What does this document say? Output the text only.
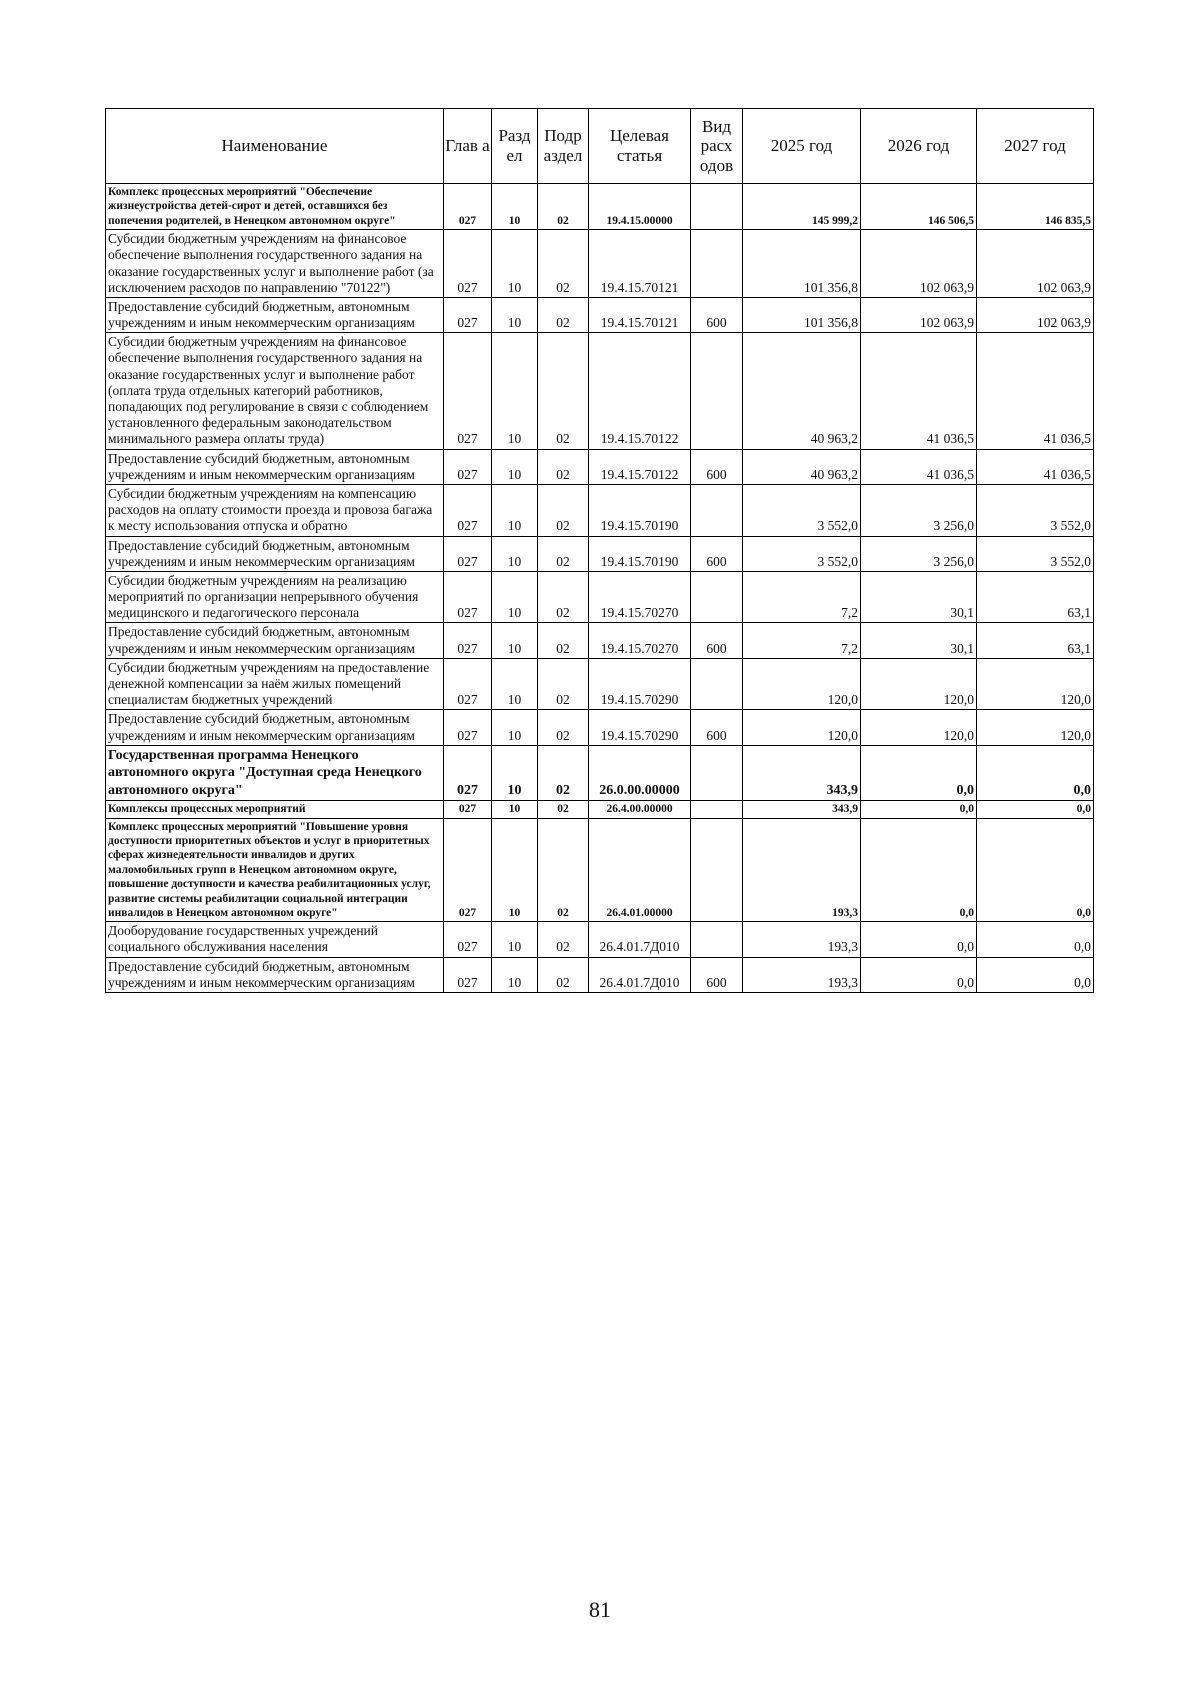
Наименование	Глав а	Разд ел	Подр аздел	Целевая статья	Вид расх одов	2025 год	2026 год	2027 год
Комплекс процессных мероприятий "Обеспечение жизнеустройства детей-сирот и детей, оставшихся без попечения родителей, в Ненецком автономном округе"	027	10	02	19.4.15.00000		145 999,2	146 506,5	146 835,5
Субсидии бюджетным учреждениям на финансовое обеспечение выполнения государственного задания на оказание государственных услуг и выполнение работ (за исключением расходов по направлению "70122")	027	10	02	19.4.15.70121		101 356,8	102 063,9	102 063,9
Предоставление субсидий бюджетным, автономным учреждениям и иным некоммерческим организациям	027	10	02	19.4.15.70121	600	101 356,8	102 063,9	102 063,9
Субсидии бюджетным учреждениям на финансовое обеспечение выполнения государственного задания на оказание государственных услуг и выполнение работ (оплата труда отдельных категорий работников, попадающих под регулирование в связи с соблюдением установленного федеральным законодательством минимального размера оплаты труда)	027	10	02	19.4.15.70122		40 963,2	41 036,5	41 036,5
Предоставление субсидий бюджетным, автономным учреждениям и иным некоммерческим организациям	027	10	02	19.4.15.70122	600	40 963,2	41 036,5	41 036,5
Субсидии бюджетным учреждениям на компенсацию расходов на оплату стоимости проезда и провоза багажа к месту использования отпуска и обратно	027	10	02	19.4.15.70190		3 552,0	3 256,0	3 552,0
Предоставление субсидий бюджетным, автономным учреждениям и иным некоммерческим организациям	027	10	02	19.4.15.70190	600	3 552,0	3 256,0	3 552,0
Субсидии бюджетным учреждениям на реализацию мероприятий по организации непрерывного обучения медицинского и педагогического персонала	027	10	02	19.4.15.70270		7,2	30,1	63,1
Предоставление субсидий бюджетным, автономным учреждениям и иным некоммерческим организациям	027	10	02	19.4.15.70270	600	7,2	30,1	63,1
Субсидии бюджетным учреждениям на предоставление денежной компенсации за наём жилых помещений специалистам бюджетных учреждений	027	10	02	19.4.15.70290		120,0	120,0	120,0
Предоставление субсидий бюджетным, автономным учреждениям и иным некоммерческим организациям	027	10	02	19.4.15.70290	600	120,0	120,0	120,0
Государственная программа Ненецкого автономного округа "Доступная среда Ненецкого автономного округа"	027	10	02	26.0.00.00000		343,9	0,0	0,0
Комплексы процессных мероприятий	027	10	02	26.4.00.00000		343,9	0,0	0,0
Комплекс процессных мероприятий "Повышение уровня доступности приоритетных объектов и услуг в приоритетных сферах жизнедеятельности инвалидов и других маломобильных групп в Ненецком автономном округе, повышение доступности и качества реабилитационных услуг, развитие системы реабилитации социальной интеграции инвалидов в Ненецком автономном округе"	027	10	02	26.4.01.00000		193,3	0,0	0,0
Дооборудование государственных учреждений социального обслуживания населения	027	10	02	26.4.01.7Д010		193,3	0,0	0,0
Предоставление субсидий бюджетным, автономным учреждениям и иным некоммерческим организациям	027	10	02	26.4.01.7Д010	600	193,3	0,0	0,0
81
